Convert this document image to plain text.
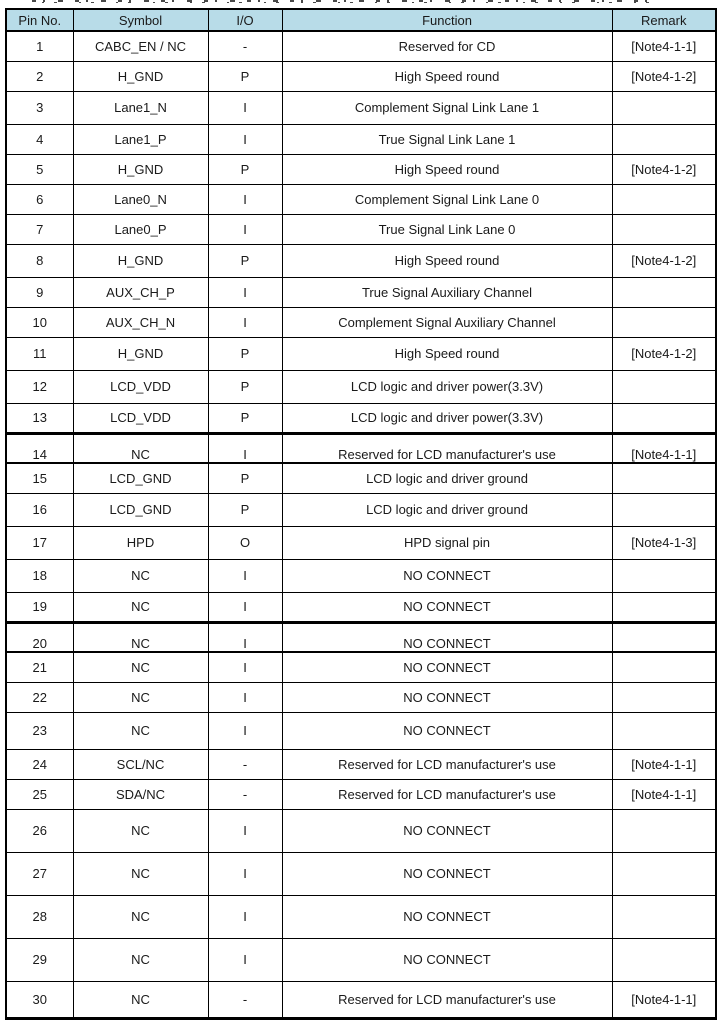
Pin No.	Symbol	I/O	Function	Remark
1	CABC_EN / NC	-	Reserved for CD	[Note4-1-1]
2	H_GND	P	High Speed round	[Note4-1-2]
3	Lane1_N	I	Complement Signal Link Lane 1	
4	Lane1_P	I	True Signal Link Lane 1	
5	H_GND	P	High Speed round	[Note4-1-2]
6	Lane0_N	I	Complement Signal Link Lane 0	
7	Lane0_P	I	True Signal Link Lane 0	
8	H_GND	P	High Speed round	[Note4-1-2]
9	AUX_CH_P	I	True Signal Auxiliary Channel	
10	AUX_CH_N	I	Complement Signal Auxiliary Channel	
11	H_GND	P	High Speed round	[Note4-1-2]
12	LCD_VDD	P	LCD logic and driver power(3.3V)	
13	LCD_VDD	P	LCD logic and driver power(3.3V)	
14	NC	I	Reserved for LCD manufacturer's use	[Note4-1-1]
15	LCD_GND	P	LCD logic and driver ground	
16	LCD_GND	P	LCD logic and driver ground	
17	HPD	O	HPD signal pin	[Note4-1-3]
18	NC	I	NO CONNECT	
19	NC	I	NO CONNECT	
20	NC	I	NO CONNECT	
21	NC	I	NO CONNECT	
22	NC	I	NO CONNECT	
23	NC	I	NO CONNECT	
24	SCL/NC	-	Reserved for LCD manufacturer's use	[Note4-1-1]
25	SDA/NC	-	Reserved for LCD manufacturer's use	[Note4-1-1]
26	NC	I	NO CONNECT	
27	NC	I	NO CONNECT	
28	NC	I	NO CONNECT	
29	NC	I	NO CONNECT	
30	NC	-	Reserved for LCD manufacturer's use	[Note4-1-1]
